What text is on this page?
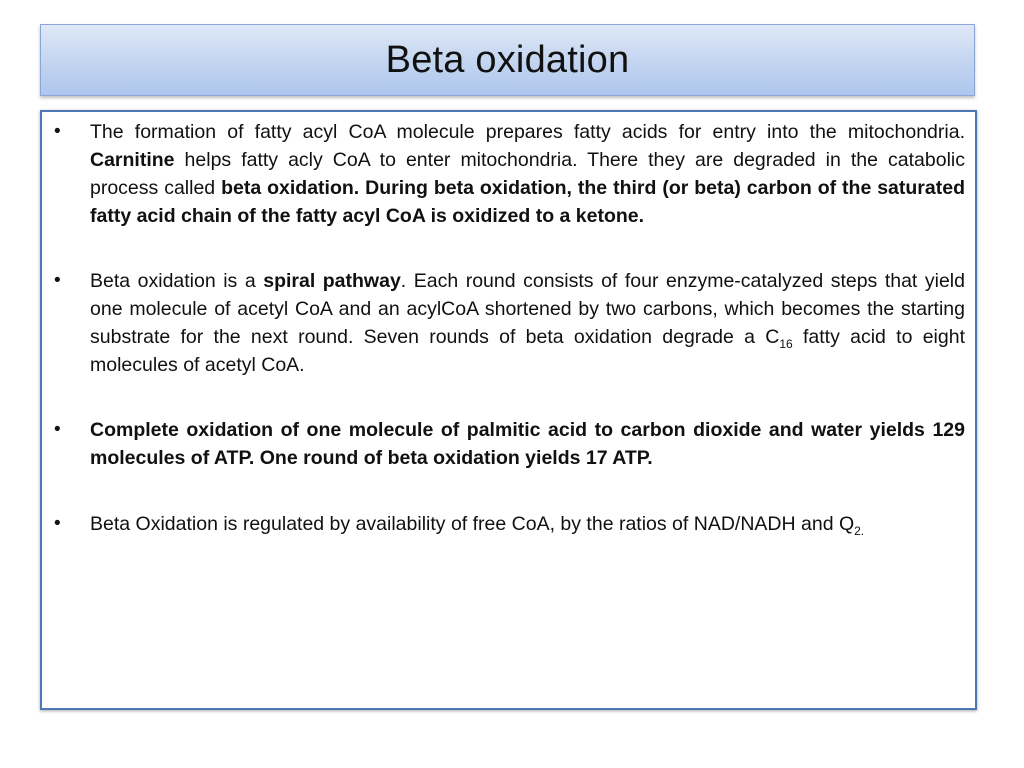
Beta oxidation
• The formation of fatty acyl CoA molecule prepares fatty acids for entry into the mitochondria. Carnitine helps fatty acly CoA to enter mitochondria. There they are degraded in the catabolic process called beta oxidation. During beta oxidation, the third (or beta) carbon of the saturated fatty acid chain of the fatty acyl CoA is oxidized to a ketone.
• Beta oxidation is a spiral pathway. Each round consists of four enzyme-catalyzed steps that yield one molecule of acetyl CoA and an acylCoA shortened by two carbons, which becomes the starting substrate for the next round. Seven rounds of beta oxidation degrade a $C_{16}$ fatty acid to eight molecules of acetyl CoA.
• Complete oxidation of one molecule of palmitic acid to carbon dioxide and water yields 129 molecules of ATP. One round of beta oxidation yields 17 ATP.
• Beta Oxidation is regulated by availability of free CoA, by the ratios of NAD/NADH and $Q_{2.}$
